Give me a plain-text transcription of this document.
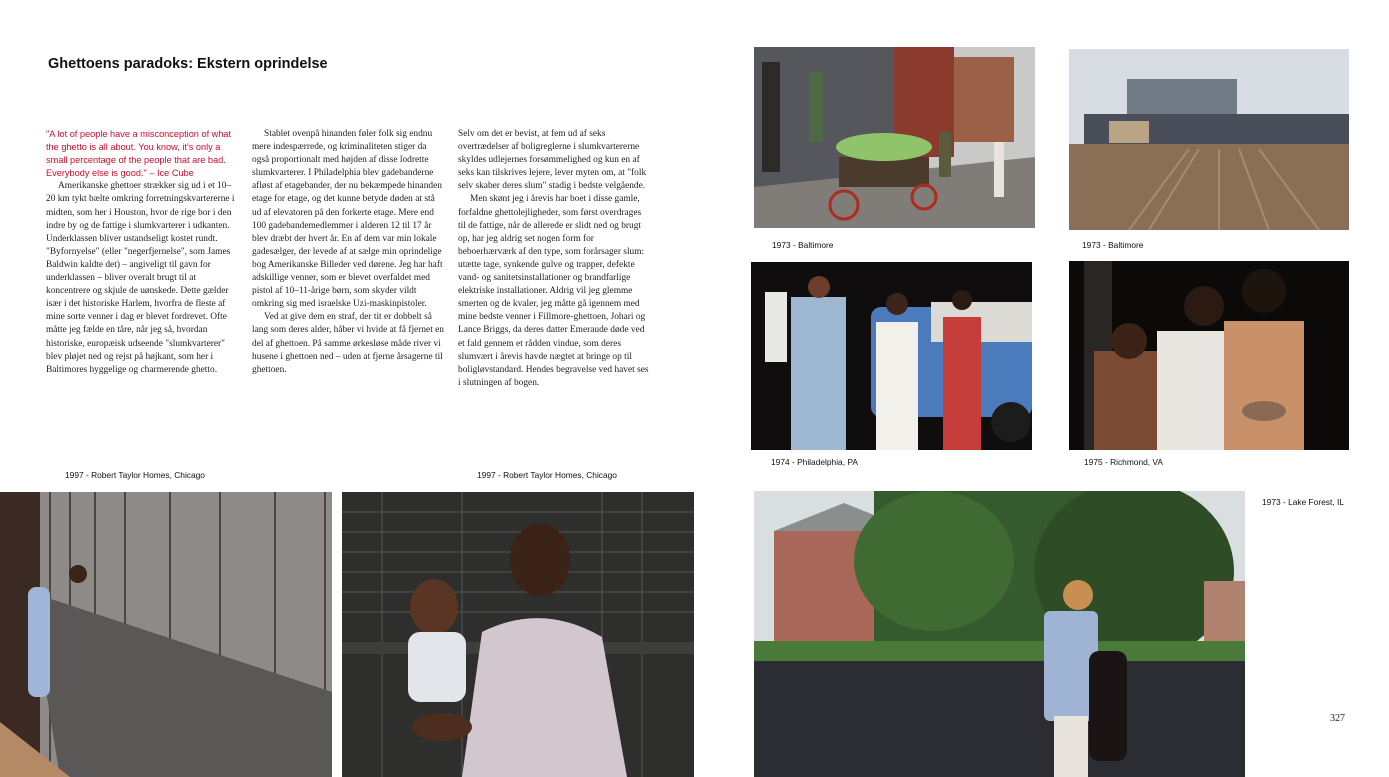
Ghettoens paradoks: Ekstern oprindelse

"A lot of people have a misconception of what the ghetto is all about. You know, it's only a small percentage of the people that are bad. Everybody else is good." – Ice Cube

Amerikanske ghettoer strækker sig ud i et 10–20 km tykt bælte omkring forretningskvartererne i midten, som her i Houston, hvor de rige bor i den indre by og de fattige i slumkvarterer i udkanten. Underklassen bliver ustandseligt kostet rundt. "Byfornyelse" (eller "negerfjernelse", som James Baldwin kaldte det) – angiveligt til gavn for underklassen – bliver overalt brugt til at koncentrere og skjule de uønskede. Dette gælder især i det historiske Harlem, hvorfra de fleste af mine sorte venner i dag er blevet fordrevet. Ofte måtte jeg fælde en tåre, når jeg så, hvordan historiske, europæisk udseende "slumkvarterer" blev pløjet ned og rejst på højkant, som her i Baltimores hyggelige og charmerende ghetto.

Stablet ovenpå hinanden føler folk sig endnu mere indespærrede, og kriminaliteten stiger da også proportionalt med højden af disse lodrette slumkvarterer. I Philadelphia blev gadebanderne afløst af etagebander, der nu bekæmpede hinanden etage for etage, og det kunne betyde døden at stå ud af elevatoren på den forkerte etage. Mere end 100 gadebandemedlemmer i alderen 12 til 17 år blev dræbt der hvert år. En af dem var min lokale gadesælger, der levede af at sælge min oprindelige bog Amerikanske Billeder ved dørene. Jeg har haft adskillige venner, som er blevet overfaldet med pistol af 10–11-årige børn, som skyder vildt omkring sig med israelske Uzi-maskinpistoler.

Ved at give dem en straf, der tit er dobbelt så lang som deres alder, håber vi hvide at få fjernet en del af ghettoen. På samme ørkesløse måde river vi husene i ghettoen ned – uden at fjerne årsagerne til ghettoen.

Selv om det er bevist, at fem ud af seks overtrædelser af boligreglerne i slumkvartererne skyldes udlejernes forsømmelighed og kun en af seks kan tilskrives lejere, lever myten om, at "folk selv skaber deres slum" stadig i bedste velgående.

Men skønt jeg i årevis har boet i disse gamle, forfaldne ghettolejligheder, som først overdrages til de fattige, når de allerede er slidt ned og brugt op, har jeg aldrig set nogen form for beboerhærværk af den type, som forårsager slum: utætte tage, synkende gulve og trapper, defekte vand- og sanitetsinstallationer og brandfarlige elektriske installationer. Aldrig vil jeg glemme smerten og de kvaler, jeg måtte gå igennem med mine bedste venner i Fillmore-ghettoen, Johari og Lance Briggs, da deres datter Emeraude døde ved et fald gennem et rådden vindue, som deres slumvært i årevis havde nægtet at bringe op til boligløvstandard. Hendes begravelse ved havet ses i slutningen af bogen.

1997 - Robert Taylor Homes, Chicago	1997 - Robert Taylor Homes, Chicago
1973 - Baltimore	1973 - Baltimore
1974 - Philadelphia, PA	1975 - Richmond, VA
1973 - Lake Forest, IL
327
